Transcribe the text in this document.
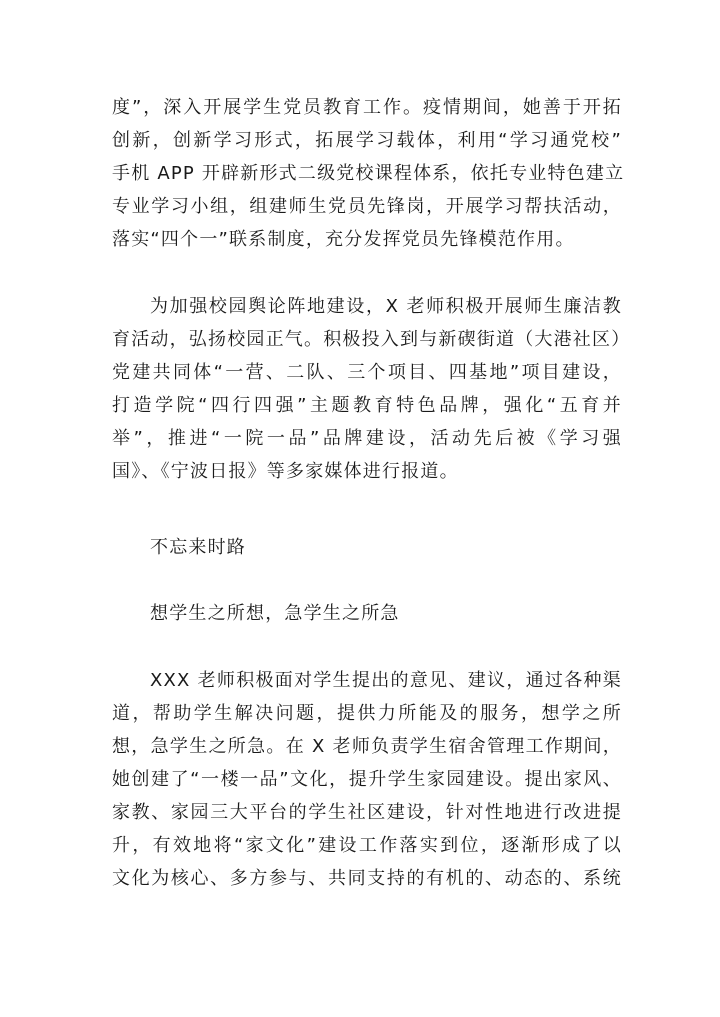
度”，深入开展学生党员教育工作。疫情期间，她善于开拓
创新，创新学习形式，拓展学习载体，利用“学习通党校”
手机 APP 开辟新形式二级党校课程体系，依托专业特色建立
专业学习小组，组建师生党员先锋岗，开展学习帮扶活动，
落实“四个一”联系制度，充分发挥党员先锋模范作用。
为加强校园舆论阵地建设，X 老师积极开展师生廉洁教
育活动，弘扬校园正气。积极投入到与新碶街道（大港社区）
党建共同体“一营、二队、三个项目、四基地”项目建设，
打造学院“四行四强”主题教育特色品牌，强化“五育并
举”，推进“一院一品”品牌建设，活动先后被《学习强
国》、《宁波日报》等多家媒体进行报道。
不忘来时路
想学生之所想，急学生之所急
XXX 老师积极面对学生提出的意见、建议，通过各种渠
道，帮助学生解决问题，提供力所能及的服务，想学之所
想，急学生之所急。在 X 老师负责学生宿舍管理工作期间，
她创建了“一楼一品”文化，提升学生家园建设。提出家风、
家教、家园三大平台的学生社区建设，针对性地进行改进提
升，有效地将“家文化”建设工作落实到位，逐渐形成了以
文化为核心、多方参与、共同支持的有机的、动态的、系统
